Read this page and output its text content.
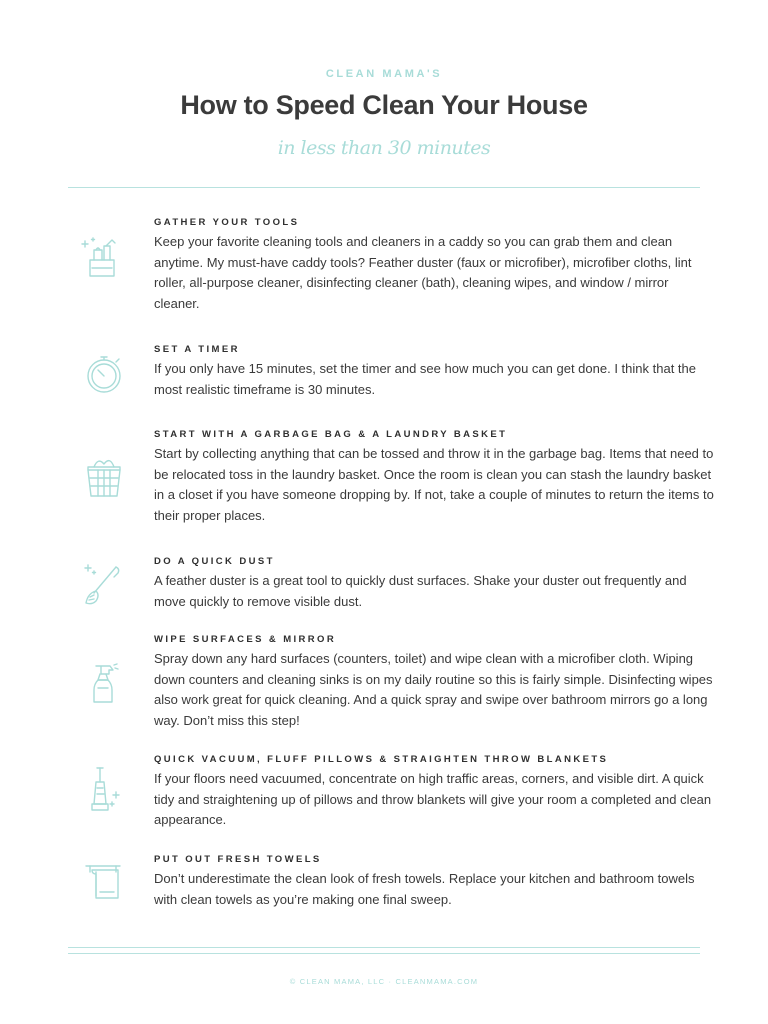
CLEAN MAMA'S
How to Speed Clean Your House
in less than 30 minutes
GATHER YOUR TOOLS
Keep your favorite cleaning tools and cleaners in a caddy so you can grab them and clean anytime. My must-have caddy tools? Feather duster (faux or microfiber), microfiber cloths, lint roller, all-purpose cleaner, disinfecting cleaner (bath), cleaning wipes, and window / mirror cleaner.
SET A TIMER
If you only have 15 minutes, set the timer and see how much you can get done. I think that the most realistic timeframe is 30 minutes.
START WITH A GARBAGE BAG & A LAUNDRY BASKET
Start by collecting anything that can be tossed and throw it in the garbage bag. Items that need to be relocated toss in the laundry basket. Once the room is clean you can stash the laundry basket in a closet if you have someone dropping by. If not, take a couple of minutes to return the items to their proper places.
DO A QUICK DUST
A feather duster is a great tool to quickly dust surfaces. Shake your duster out frequently and move quickly to remove visible dust.
WIPE SURFACES & MIRROR
Spray down any hard surfaces (counters, toilet) and wipe clean with a microfiber cloth. Wiping down counters and cleaning sinks is on my daily routine so this is fairly simple. Disinfecting wipes also work great for quick cleaning. And a quick spray and swipe over bathroom mirrors go a long way. Don’t miss this step!
QUICK VACUUM, FLUFF PILLOWS & STRAIGHTEN THROW BLANKETS
If your floors need vacuumed, concentrate on high traffic areas, corners, and visible dirt. A quick tidy and straightening up of pillows and throw blankets will give your room a completed and clean appearance.
PUT OUT FRESH TOWELS
Don’t underestimate the clean look of fresh towels. Replace your kitchen and bathroom towels with clean towels as you’re making one final sweep.
© CLEAN MAMA, LLC · CLEANMAMA.COM
